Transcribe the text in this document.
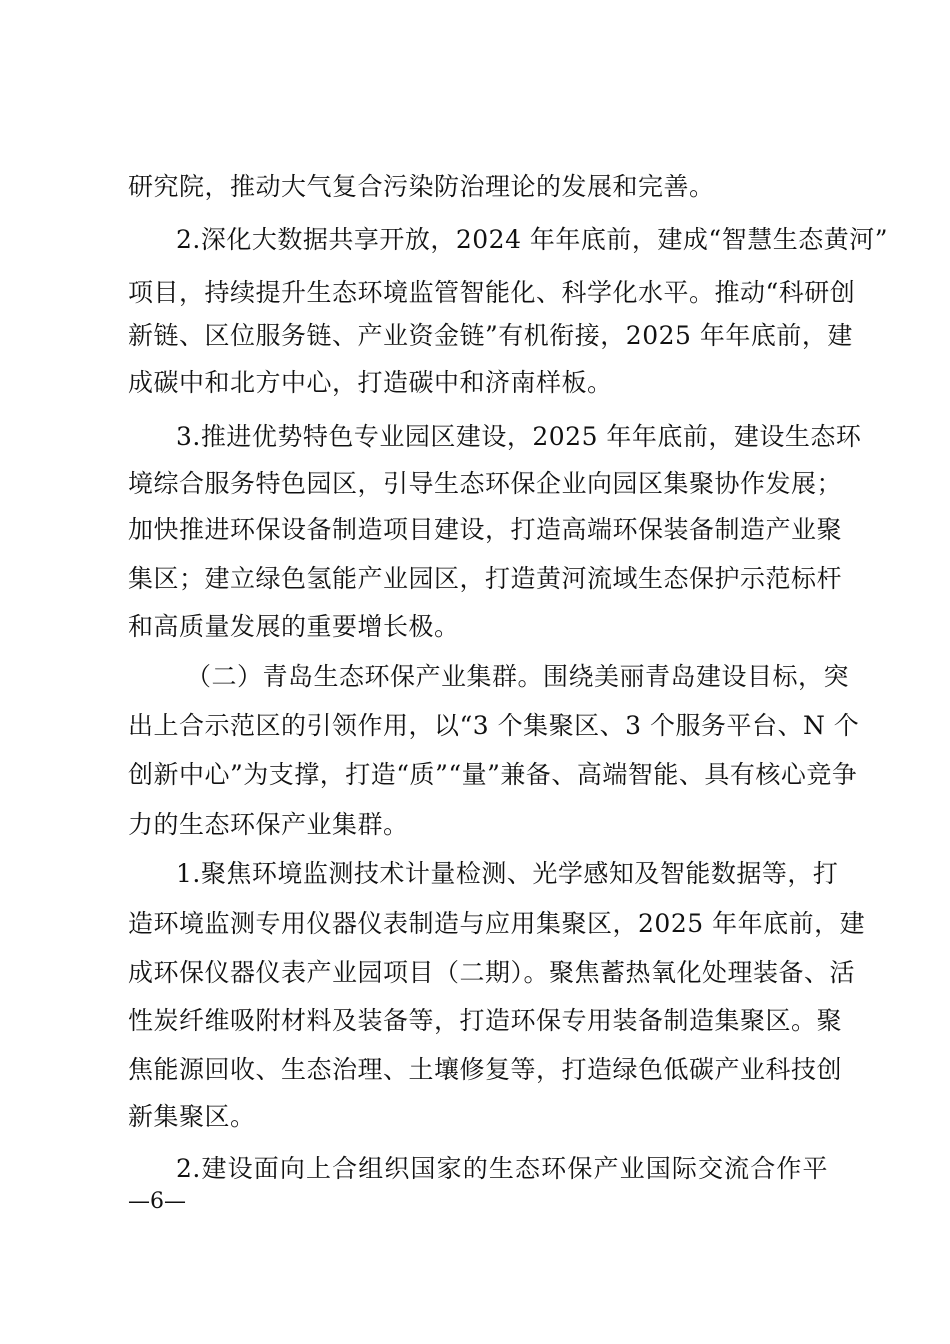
研究院，推动大气复合污染防治理论的发展和完善。
2.深化大数据共享开放，2024 年年底前，建成“智慧生态黄河”
项目，持续提升生态环境监管智能化、科学化水平。推动“科研创
新链、区位服务链、产业资金链”有机衔接，2025 年年底前，建
成碳中和北方中心，打造碳中和济南样板。
3.推进优势特色专业园区建设，2025 年年底前，建设生态环
境综合服务特色园区，引导生态环保企业向园区集聚协作发展；
加快推进环保设备制造项目建设，打造高端环保装备制造产业聚
集区；建立绿色氢能产业园区，打造黄河流域生态保护示范标杆
和高质量发展的重要增长极。
（二）青岛生态环保产业集群。围绕美丽青岛建设目标，突
出上合示范区的引领作用，以“3 个集聚区、3 个服务平台、N 个
创新中心”为支撑，打造“质”“量”兼备、高端智能、具有核心竞争
力的生态环保产业集群。
1.聚焦环境监测技术计量检测、光学感知及智能数据等，打
造环境监测专用仪器仪表制造与应用集聚区，2025 年年底前，建
成环保仪器仪表产业园项目（二期）。聚焦蓄热氧化处理装备、活
性炭纤维吸附材料及装备等，打造环保专用装备制造集聚区。聚
焦能源回收、生态治理、土壤修复等，打造绿色低碳产业科技创
新集聚区。
2.建设面向上合组织国家的生态环保产业国际交流合作平
—6—
